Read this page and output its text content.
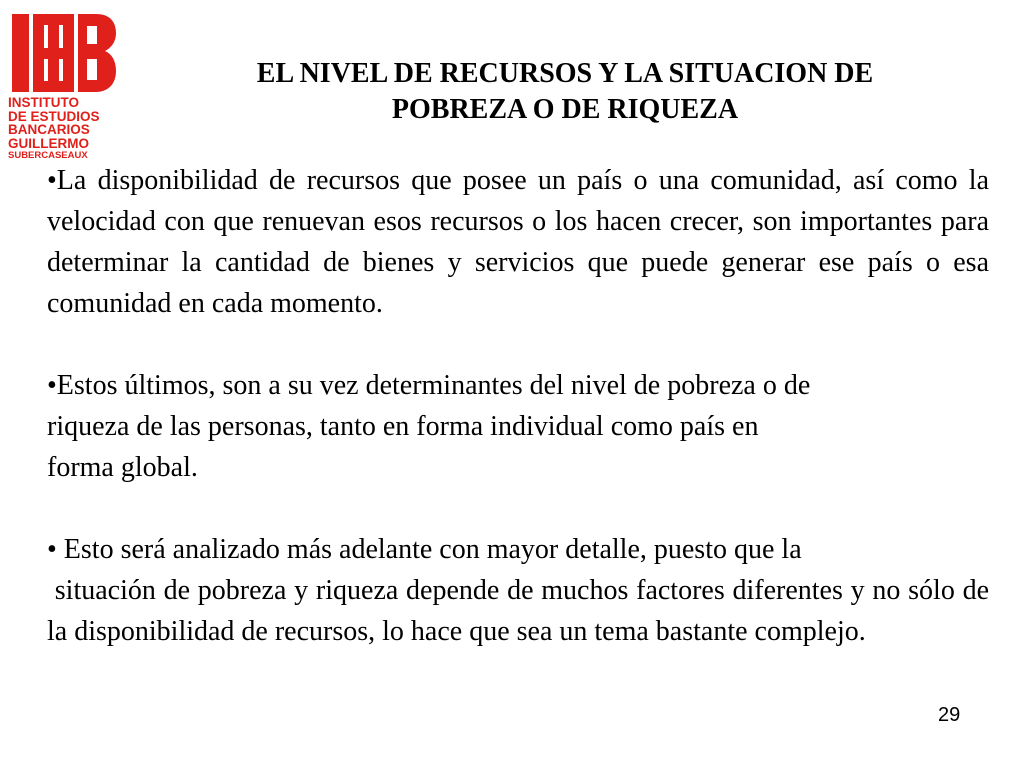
INSTITUTO
DE ESTUDIOS
BANCARIOS
GUILLERMO
SUBERCASEAUX
EL NIVEL DE RECURSOS Y LA SITUACION DE
POBREZA O DE RIQUEZA

•La disponibilidad de recursos que posee un país o una comunidad, así como la velocidad con que renuevan esos recursos o los hacen crecer, son importantes para determinar la cantidad de bienes y servicios que puede generar ese país o esa comunidad en cada momento.

•Estos últimos, son a su vez determinantes del nivel de pobreza o de
riqueza de las personas, tanto en forma individual como país en
forma global.

• Esto será analizado más adelante con mayor detalle, puesto que la

situación de pobreza y riqueza depende de muchos factores diferentes y no sólo de la disponibilidad de recursos, lo hace que sea un tema bastante complejo.

29
